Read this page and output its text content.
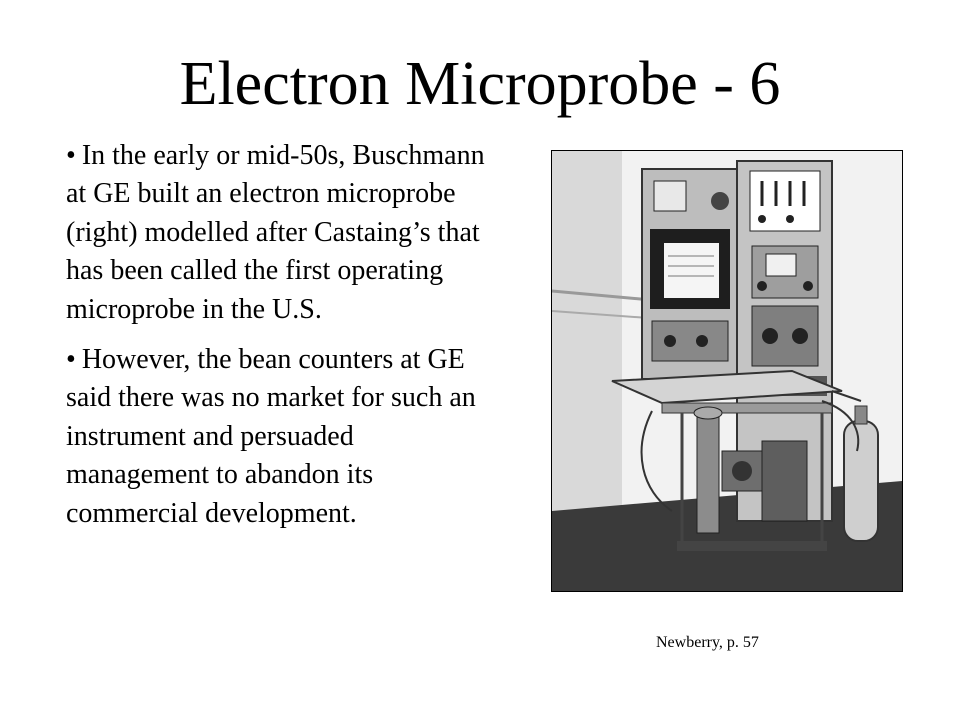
Electron Microprobe - 6
• In the early or mid-50s, Buschmann at GE built an electron microprobe (right) modelled after Castaing’s that has been called the first operating microprobe in the U.S.
• However, the bean counters at GE said there was no market for such an instrument and persuaded management to abandon its commercial development.
Newberry, p. 57
